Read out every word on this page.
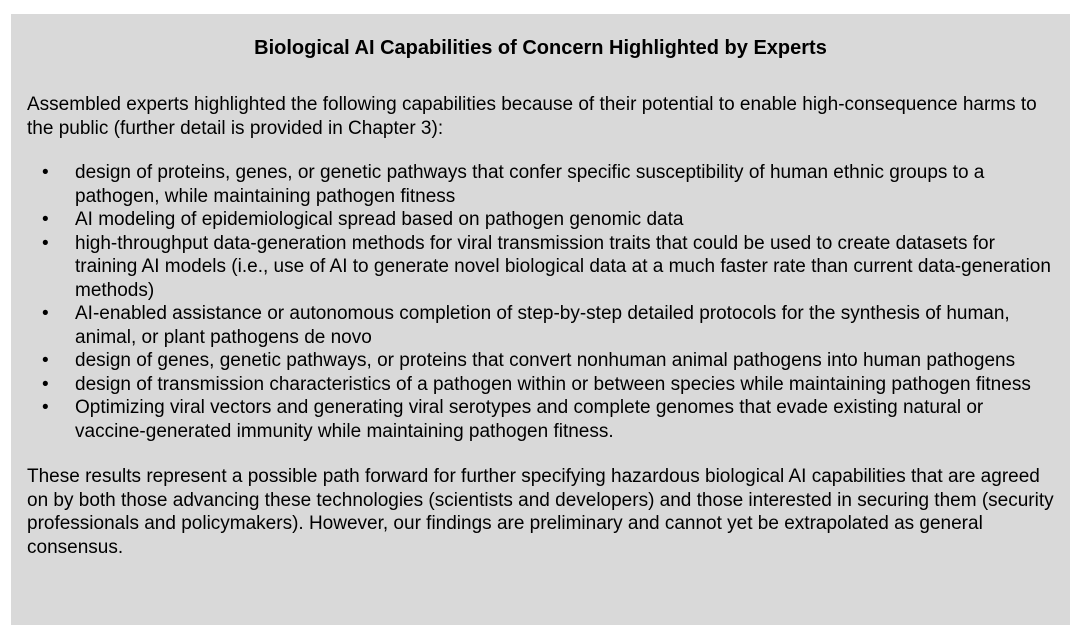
Biological AI Capabilities of Concern Highlighted by Experts

Assembled experts highlighted the following capabilities because of their potential to enable high-consequence harms to the public (further detail is provided in Chapter 3):

• design of proteins, genes, or genetic pathways that confer specific susceptibility of human ethnic groups to a pathogen, while maintaining pathogen fitness
• AI modeling of epidemiological spread based on pathogen genomic data
• high-throughput data-generation methods for viral transmission traits that could be used to create datasets for training AI models (i.e., use of AI to generate novel biological data at a much faster rate than current data-generation methods)
• AI-enabled assistance or autonomous completion of step-by-step detailed protocols for the synthesis of human, animal, or plant pathogens de novo
• design of genes, genetic pathways, or proteins that convert nonhuman animal pathogens into human pathogens
• design of transmission characteristics of a pathogen within or between species while maintaining pathogen fitness
• Optimizing viral vectors and generating viral serotypes and complete genomes that evade existing natural or vaccine-generated immunity while maintaining pathogen fitness.

These results represent a possible path forward for further specifying hazardous biological AI capabilities that are agreed on by both those advancing these technologies (scientists and developers) and those interested in securing them (security professionals and policymakers). However, our findings are preliminary and cannot yet be extrapolated as general consensus.
